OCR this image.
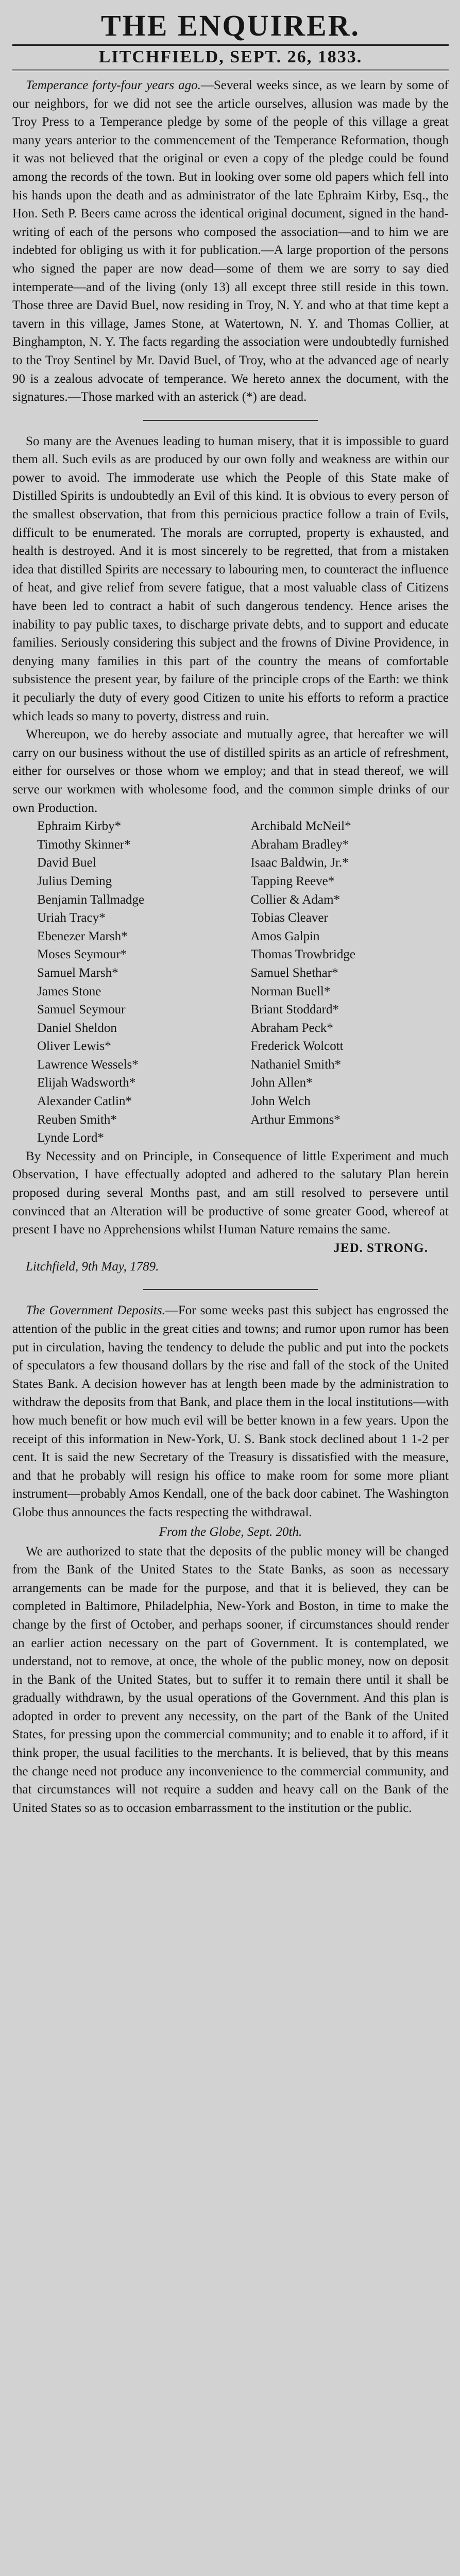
THE ENQUIRER.
LITCHFIELD, SEPT. 26, 1833.

Temperance forty-four years ago.—Several weeks since, as we learn by some of our neighbors, for we did not see the article ourselves, allusion was made by the Troy Press to a Temperance pledge by some of the people of this village a great many years anterior to the commencement of the Temperance Reformation, though it was not believed that the original or even a copy of the pledge could be found among the records of the town. But in looking over some old papers which fell into his hands upon the death and as administrator of the late Ephraim Kirby, Esq., the Hon. Seth P. Beers came across the identical original document, signed in the hand-writing of each of the persons who composed the association—and to him we are indebted for obliging us with it for publication.—A large proportion of the persons who signed the paper are now dead—some of them we are sorry to say died intemperate—and of the living (only 13) all except three still reside in this town. Those three are David Buel, now residing in Troy, N. Y. and who at that time kept a tavern in this village, James Stone, at Watertown, N. Y. and Thomas Collier, at Binghampton, N. Y. The facts regarding the association were undoubtedly furnished to the Troy Sentinel by Mr. David Buel, of Troy, who at the advanced age of nearly 90 is a zealous advocate of temperance. We hereto annex the document, with the signatures.—Those marked with an asterick (*) are dead.

So many are the Avenues leading to human misery, that it is impossible to guard them all. Such evils as are produced by our own folly and weakness are within our power to avoid. The immoderate use which the People of this State make of Distilled Spirits is undoubtedly an Evil of this kind. It is obvious to every person of the smallest observation, that from this pernicious practice follow a train of Evils, difficult to be enumerated. The morals are corrupted, property is exhausted, and health is destroyed. And it is most sincerely to be regretted, that from a mistaken idea that distilled Spirits are necessary to labouring men, to counteract the influence of heat, and give relief from severe fatigue, that a most valuable class of Citizens have been led to contract a habit of such dangerous tendency. Hence arises the inability to pay public taxes, to discharge private debts, and to support and educate families. Seriously considering this subject and the frowns of Divine Providence, in denying many families in this part of the country the means of comfortable subsistence the present year, by failure of the principle crops of the Earth: we think it peculiarly the duty of every good Citizen to unite his efforts to reform a practice which leads so many to poverty, distress and ruin.

Whereupon, we do hereby associate and mutually agree, that hereafter we will carry on our business without the use of distilled spirits as an article of refreshment, either for ourselves or those whom we employ; and that in stead thereof, we will serve our workmen with wholesome food, and the common simple drinks of our own Production.

Ephraim Kirby*
Timothy Skinner*
David Buel
Julius Deming
Benjamin Tallmadge
Uriah Tracy*
Ebenezer Marsh*
Moses Seymour*
Samuel Marsh*
James Stone
Samuel Seymour
Daniel Sheldon
Oliver Lewis*
Lawrence Wessels*
Elijah Wadsworth*
Alexander Catlin*
Reuben Smith*
Lynde Lord*
Archibald McNeil*
Abraham Bradley*
Isaac Baldwin, Jr.*
Tapping Reeve*
Collier & Adam*
Tobias Cleaver
Amos Galpin
Thomas Trowbridge
Samuel Shethar*
Norman Buell*
Briant Stoddard*
Abraham Peck*
Frederick Wolcott
Nathaniel Smith*
John Allen*
John Welch
Arthur Emmons*

By Necessity and on Principle, in Consequence of little Experiment and much Observation, I have effectually adopted and adhered to the salutary Plan herein proposed during several Months past, and am still resolved to persevere until convinced that an Alteration will be productive of some greater Good, whereof at present I have no Apprehensions whilst Human Nature remains the same.

JED. STRONG.

Litchfield, 9th May, 1789.

The Government Deposits.—For some weeks past this subject has engrossed the attention of the public in the great cities and towns; and rumor upon rumor has been put in circulation, having the tendency to delude the public and put into the pockets of speculators a few thousand dollars by the rise and fall of the stock of the United States Bank. A decision however has at length been made by the administration to withdraw the deposits from that Bank, and place them in the local institutions—with how much benefit or how much evil will be better known in a few years. Upon the receipt of this information in New-York, U. S. Bank stock declined about 1 1-2 per cent. It is said the new Secretary of the Treasury is dissatisfied with the measure, and that he probably will resign his office to make room for some more pliant instrument—probably Amos Kendall, one of the back door cabinet. The Washington Globe thus announces the facts respecting the withdrawal.

From the Globe, Sept. 20th.

We are authorized to state that the deposits of the public money will be changed from the Bank of the United States to the State Banks, as soon as necessary arrangements can be made for the purpose, and that it is believed, they can be completed in Baltimore, Philadelphia, New-York and Boston, in time to make the change by the first of October, and perhaps sooner, if circumstances should render an earlier action necessary on the part of Government. It is contemplated, we understand, not to remove, at once, the whole of the public money, now on deposit in the Bank of the United States, but to suffer it to remain there until it shall be gradually withdrawn, by the usual operations of the Government. And this plan is adopted in order to prevent any necessity, on the part of the Bank of the United States, for pressing upon the commercial community; and to enable it to afford, if it think proper, the usual facilities to the merchants. It is believed, that by this means the change need not produce any inconvenience to the commercial community, and that circumstances will not require a sudden and heavy call on the Bank of the United States so as to occasion embarrassment to the institution or the public.
